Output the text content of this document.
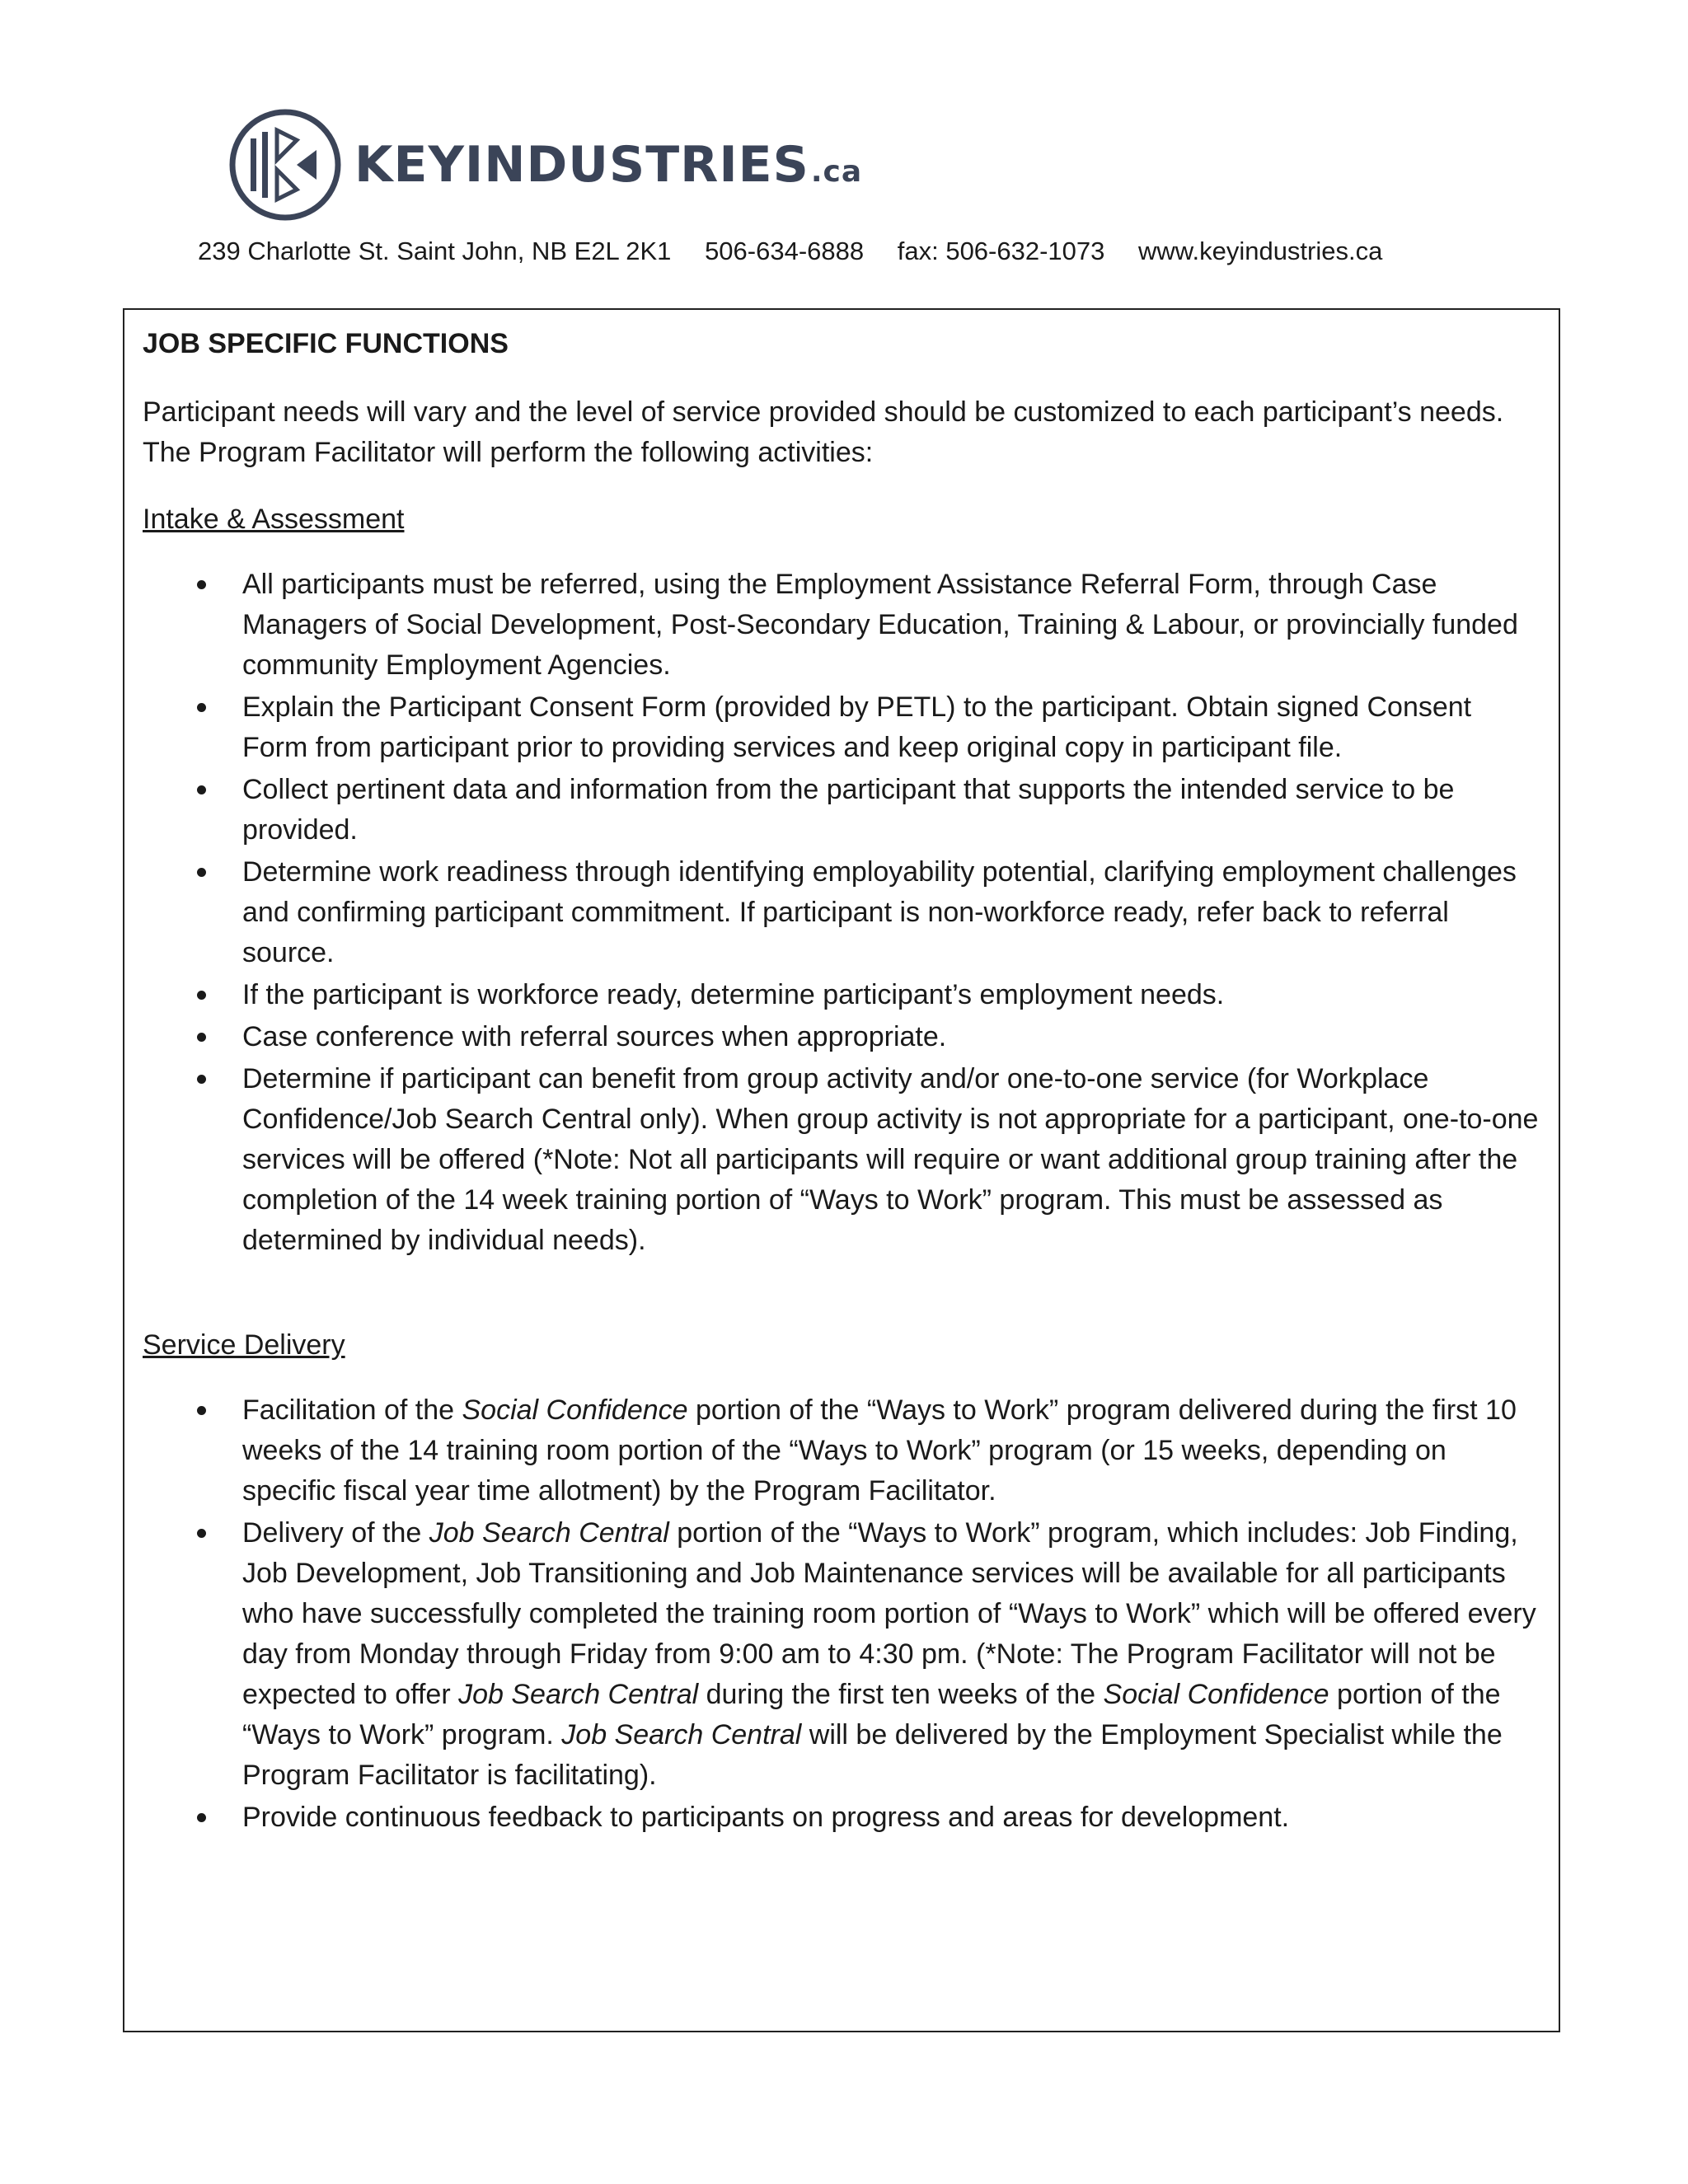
KEYINDUSTRIES.ca
239 Charlotte St. Saint John, NB E2L 2K1 506-634-6888 fax: 506-632-1073 www.keyindustries.ca

JOB SPECIFIC FUNCTIONS

Participant needs will vary and the level of service provided should be customized to each participant’s needs. The Program Facilitator will perform the following activities:

Intake & Assessment

All participants must be referred, using the Employment Assistance Referral Form, through Case Managers of Social Development, Post-Secondary Education, Training & Labour, or provincially funded community Employment Agencies.
Explain the Participant Consent Form (provided by PETL) to the participant. Obtain signed Consent Form from participant prior to providing services and keep original copy in participant file.
Collect pertinent data and information from the participant that supports the intended service to be provided.
Determine work readiness through identifying employability potential, clarifying employment challenges and confirming participant commitment. If participant is non-workforce ready, refer back to referral source.
If the participant is workforce ready, determine participant’s employment needs.
Case conference with referral sources when appropriate.
Determine if participant can benefit from group activity and/or one-to-one service (for Workplace Confidence/Job Search Central only). When group activity is not appropriate for a participant, one-to-one services will be offered (*Note: Not all participants will require or want additional group training after the completion of the 14 week training portion of “Ways to Work” program. This must be assessed as determined by individual needs).

Service Delivery

Facilitation of the Social Confidence portion of the “Ways to Work” program delivered during the first 10 weeks of the 14 training room portion of the “Ways to Work” program (or 15 weeks, depending on specific fiscal year time allotment) by the Program Facilitator.
Delivery of the Job Search Central portion of the “Ways to Work” program, which includes: Job Finding, Job Development, Job Transitioning and Job Maintenance services will be available for all participants who have successfully completed the training room portion of “Ways to Work” which will be offered every day from Monday through Friday from 9:00 am to 4:30 pm. (*Note: The Program Facilitator will not be expected to offer Job Search Central during the first ten weeks of the Social Confidence portion of the “Ways to Work” program. Job Search Central will be delivered by the Employment Specialist while the Program Facilitator is facilitating).
Provide continuous feedback to participants on progress and areas for development.
